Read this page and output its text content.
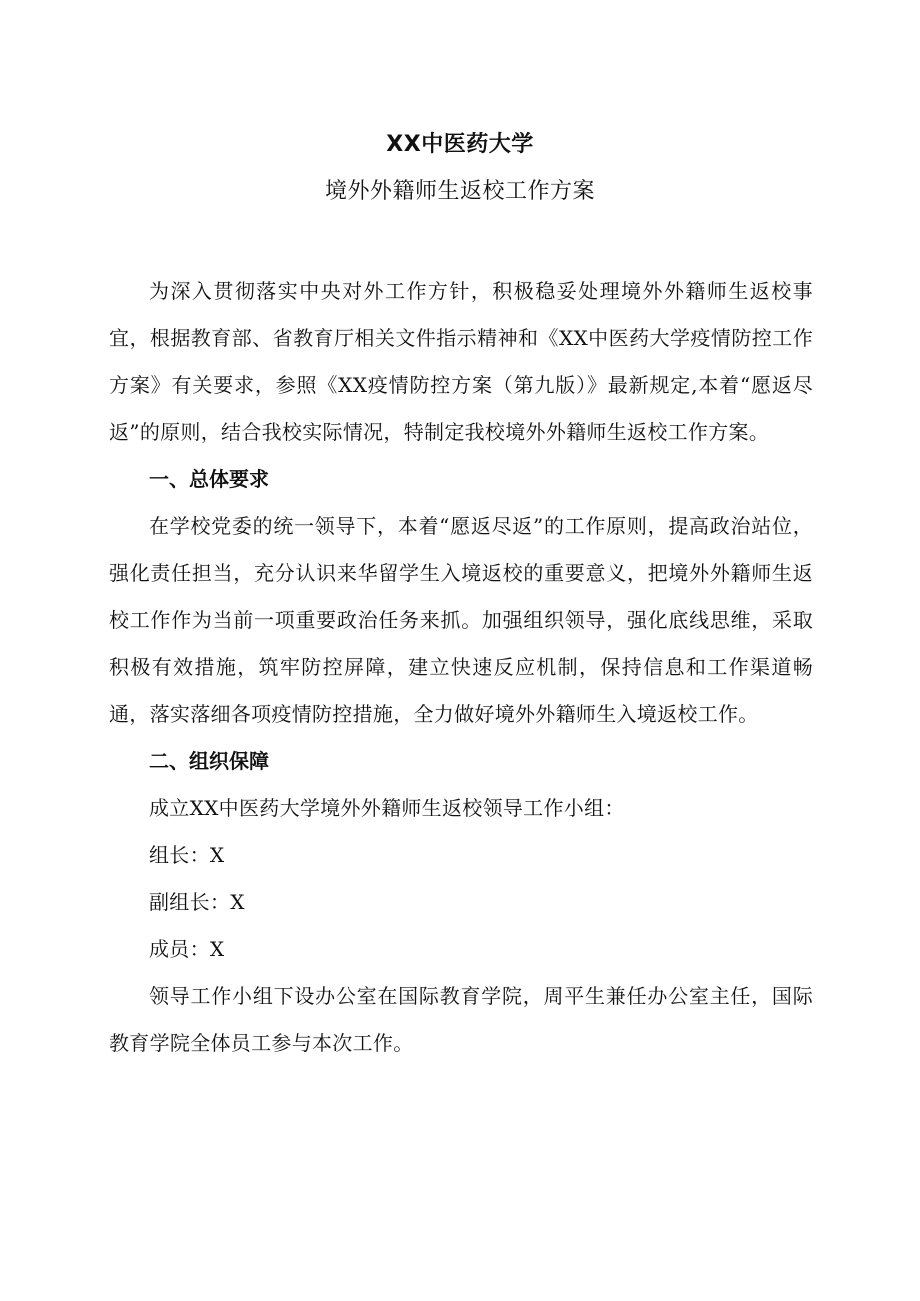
XX中医药大学
境外外籍师生返校工作方案

为深入贯彻落实中央对外工作方针，积极稳妥处理境外外籍师生返校事宜，根据教育部、省教育厅相关文件指示精神和《XX中医药大学疫情防控工作方案》有关要求，参照《XX疫情防控方案（第九版）》最新规定,本着“愿返尽返”的原则，结合我校实际情况，特制定我校境外外籍师生返校工作方案。

一、总体要求

在学校党委的统一领导下，本着“愿返尽返”的工作原则，提高政治站位，强化责任担当，充分认识来华留学生入境返校的重要意义，把境外外籍师生返校工作作为当前一项重要政治任务来抓。加强组织领导，强化底线思维，采取积极有效措施，筑牢防控屏障，建立快速反应机制，保持信息和工作渠道畅通，落实落细各项疫情防控措施，全力做好境外外籍师生入境返校工作。

二、组织保障

成立XX中医药大学境外外籍师生返校领导工作小组：

组长：X

副组长：X

成员：X

领导工作小组下设办公室在国际教育学院，周平生兼任办公室主任，国际教育学院全体员工参与本次工作。
